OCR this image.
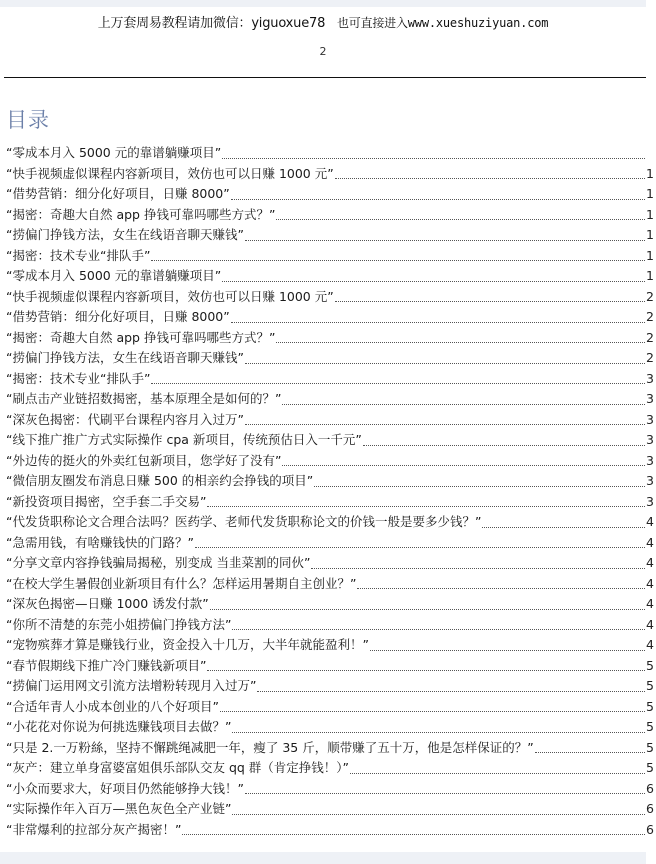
上万套周易教程请加微信：yiguoxue78 也可直接进入www.xueshuziyuan.com
2
目录
“零成本月入 5000 元的靠谱躺赚项目”
“快手视频虚似课程内容新项目，效仿也可以日赚 1000 元”	1
“借势营销：细分化好项目，日赚 8000”	1
“揭密：奇趣大自然 app 挣钱可靠吗哪些方式？”	1
“捞偏门挣钱方法，女生在线语音聊天赚钱”	1
“揭密：技术专业“排队手”	1
“零成本月入 5000 元的靠谱躺赚项目”	1
“快手视频虚似课程内容新项目，效仿也可以日赚 1000 元”	2
“借势营销：细分化好项目，日赚 8000”	2
“揭密：奇趣大自然 app 挣钱可靠吗哪些方式？”	2
“捞偏门挣钱方法，女生在线语音聊天赚钱”	2
“揭密：技术专业“排队手”	3
“刷点击产业链招数揭密，基本原理全是如何的？”	3
“深灰色揭密：代刷平台课程内容月入过万”	3
“线下推广推广方式实际操作 cpa 新项目，传统预估日入一千元”	3
“外边传的挺火的外卖红包新项目，您学好了没有”	3
“微信朋友圈发布消息日赚 500 的相亲约会挣钱的项目”	3
“新投资项目揭密，空手套二手交易”	3
“代发货职称论文合理合法吗？医药学、老师代发货职称论文的价钱一般是要多少钱？”	4
“急需用钱，有啥赚钱快的门路？”	4
“分享文章内容挣钱骗局揭秘，别变成 当韭菜割的同伙”	4
“在校大学生暑假创业新项目有什么？怎样运用暑期自主创业？”	4
“深灰色揭密—日赚 1000 诱发付款”	4
“你所不清楚的东莞小姐捞偏门挣钱方法”	4
“宠物殡葬才算是赚钱行业，资金投入十几万，大半年就能盈利！”	4
“春节假期线下推广冷门赚钱新项目”	5
“捞偏门运用网文引流方法增粉转现月入过万”	5
“合适年青人小成本创业的八个好项目”	5
“小花花对你说为何挑选赚钱项目去做？”	5
“只是 2.一万粉絲，坚持不懈跳绳减肥一年，瘦了 35 斤，顺带赚了五十万，他是怎样保证的？”	5
“灰产：建立单身富婆富姐俱乐部队交友 qq 群（肯定挣钱！）”	5
“小众而要求大，好项目仍然能够挣大钱！”	6
“实际操作年入百万—黑色灰色全产业链”	6
“非常爆利的拉部分灰产揭密！”	6
